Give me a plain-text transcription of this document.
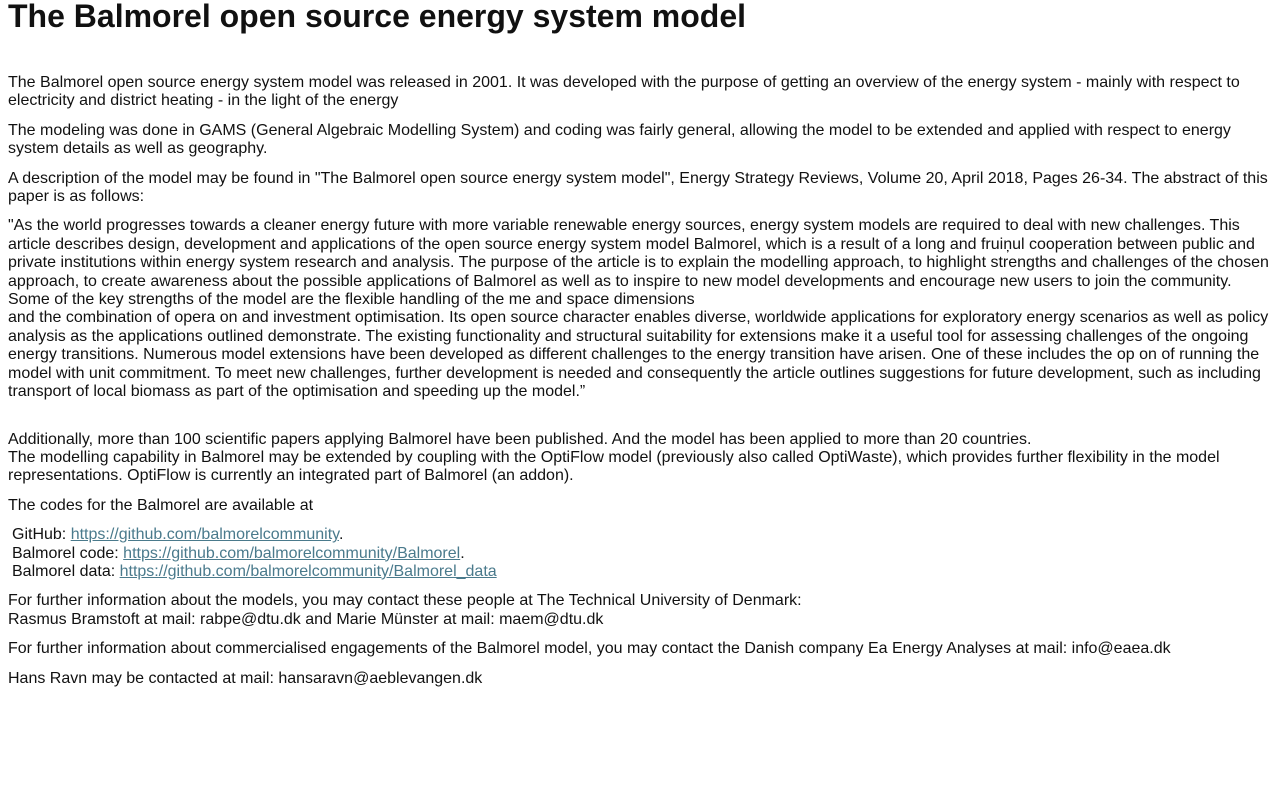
The Balmorel open source energy system model

The Balmorel open source energy system model was released in 2001. It was developed with the purpose of getting an overview of the energy system - mainly with respect to electricity and district heating - in the light of the energy

The modeling was done in GAMS (General Algebraic Modelling System) and coding was fairly general, allowing the model to be extended and applied with respect to energy system details as well as geography.

A description of the model may be found in "The Balmorel open source energy system model", Energy Strategy Reviews, Volume 20, April 2018, Pages 26-34. The abstract of this paper is as follows:

"As the world progresses towards a cleaner energy future with more variable renewable energy sources, energy system models are required to deal with new challenges. This article describes design, development and applications of the open source energy system model Balmorel, which is a result of a long and fruiņul cooperation between public and private institutions within energy system research and analysis. The purpose of the article is to explain the modelling approach, to highlight strengths and challenges of the chosen approach, to create awareness about the possible applications of Balmorel as well as to inspire to new model developments and encourage new users to join the community. Some of the key strengths of the model are the flexible handling of the me and space dimensions

and the combination of opera on and investment optimisation. Its open source character enables diverse, worldwide applications for exploratory energy scenarios as well as policy analysis as the applications outlined demonstrate. The existing functionality and structural suitability for extensions make it a useful tool for assessing challenges of the ongoing energy transitions. Numerous model extensions have been developed as different challenges to the energy transition have arisen. One of these includes the op on of running the model with unit commitment. To meet new challenges, further development is needed and consequently the article outlines suggestions for future development, such as including transport of local biomass as part of the optimisation and speeding up the model.”

Additionally, more than 100 scientific papers applying Balmorel have been published. And the model has been applied to more than 20 countries.

The modelling capability in Balmorel may be extended by coupling with the OptiFlow model (previously also called OptiWaste), which provides further flexibility in the model representations. OptiFlow is currently an integrated part of Balmorel (an addon).

The codes for the Balmorel are available at

GitHub: https://github.com/balmorelcommunity.
Balmorel code: https://github.com/balmorelcommunity/Balmorel.
Balmorel data: https://github.com/balmorelcommunity/Balmorel_data

For further information about the models, you may contact these people at The Technical University of Denmark:

Rasmus Bramstoft at mail: rabpe@dtu.dk and Marie Münster at mail: maem@dtu.dk

For further information about commercialised engagements of the Balmorel model, you may contact the Danish company Ea Energy Analyses at mail: info@eaea.dk

Hans Ravn may be contacted at mail: hansaravn@aeblevangen.dk
